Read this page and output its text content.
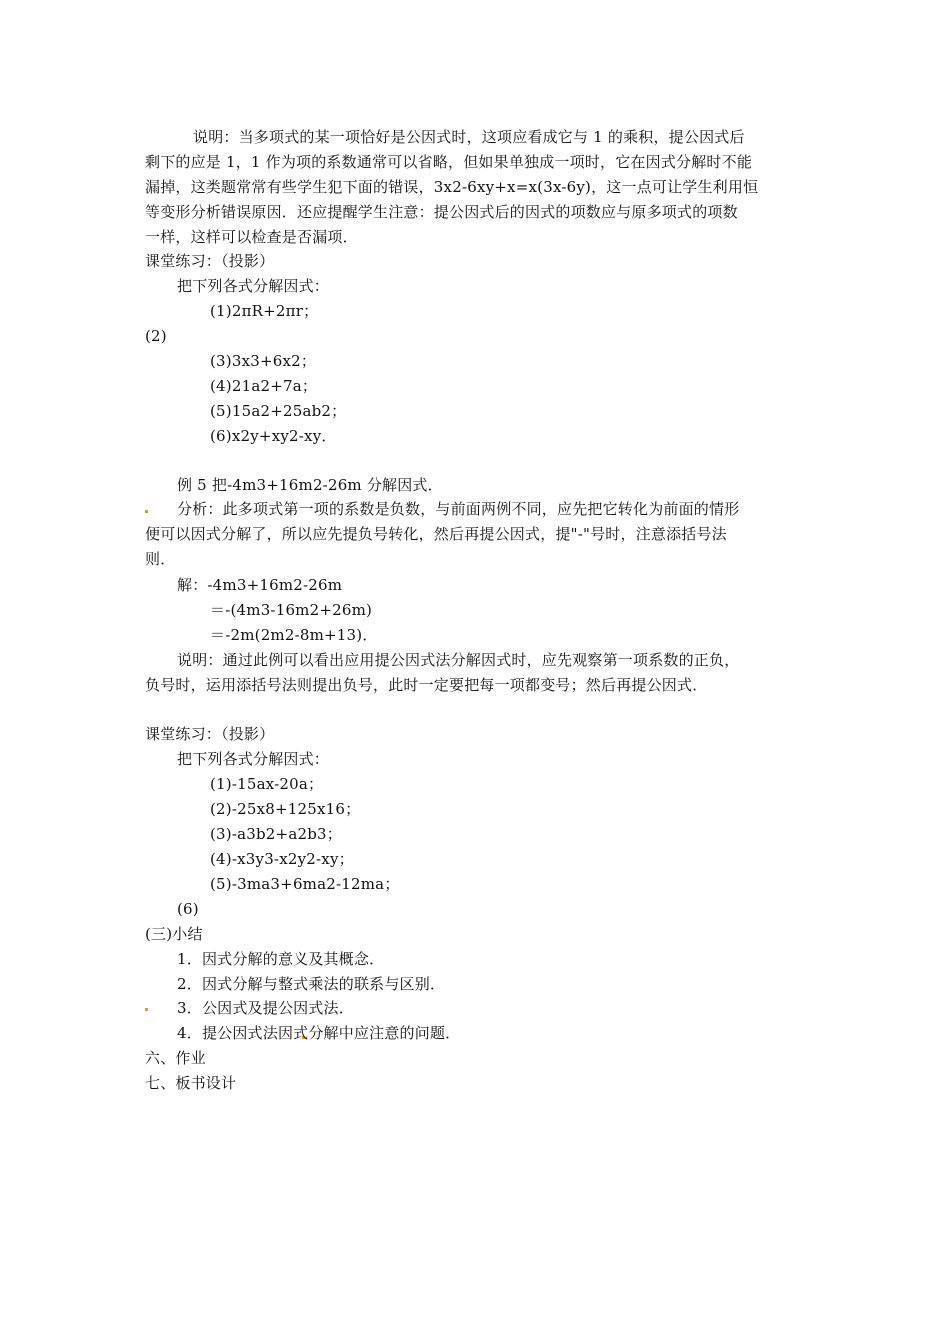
说明：当多项式的某一项恰好是公因式时，这项应看成它与 1 的乘积，提公因式后
剩下的应是 1，1 作为项的系数通常可以省略，但如果单独成一项时，它在因式分解时不能
漏掉，这类题常常有些学生犯下面的错误，3x2-6xy+x=x(3x-6y)，这一点可让学生利用恒
等变形分析错误原因．还应提醒学生注意：提公因式后的因式的项数应与原多项式的项数
一样，这样可以检查是否漏项．
课堂练习：（投影）
把下列各式分解因式：
(1)2πR+2πr；
(2)
(3)3x3+6x2；
(4)21a2+7a；
(5)15a2+25ab2；
(6)x2y+xy2-xy．
例 5 把-4m3+16m2-26m 分解因式．
分析：此多项式第一项的系数是负数，与前面两例不同，应先把它转化为前面的情形
便可以因式分解了，所以应先提负号转化，然后再提公因式，提"-"号时，注意添括号法
则．
解：-4m3+16m2-26m
＝-(4m3-16m2+26m)
＝-2m(2m2-8m+13)．
说明：通过此例可以看出应用提公因式法分解因式时，应先观察第一项系数的正负，
负号时，运用添括号法则提出负号，此时一定要把每一项都变号；然后再提公因式．
课堂练习：（投影）
把下列各式分解因式：
(1)-15ax-20a；
(2)-25x8+125x16；
(3)-a3b2+a2b3；
(4)-x3y3-x2y2-xy；
(5)-3ma3+6ma2-12ma；
(6)
(三)小结
1．因式分解的意义及其概念．
2．因式分解与整式乘法的联系与区别．
3．公因式及提公因式法．
4．提公因式法因式分解中应注意的问题．
六、作业
七、板书设计
